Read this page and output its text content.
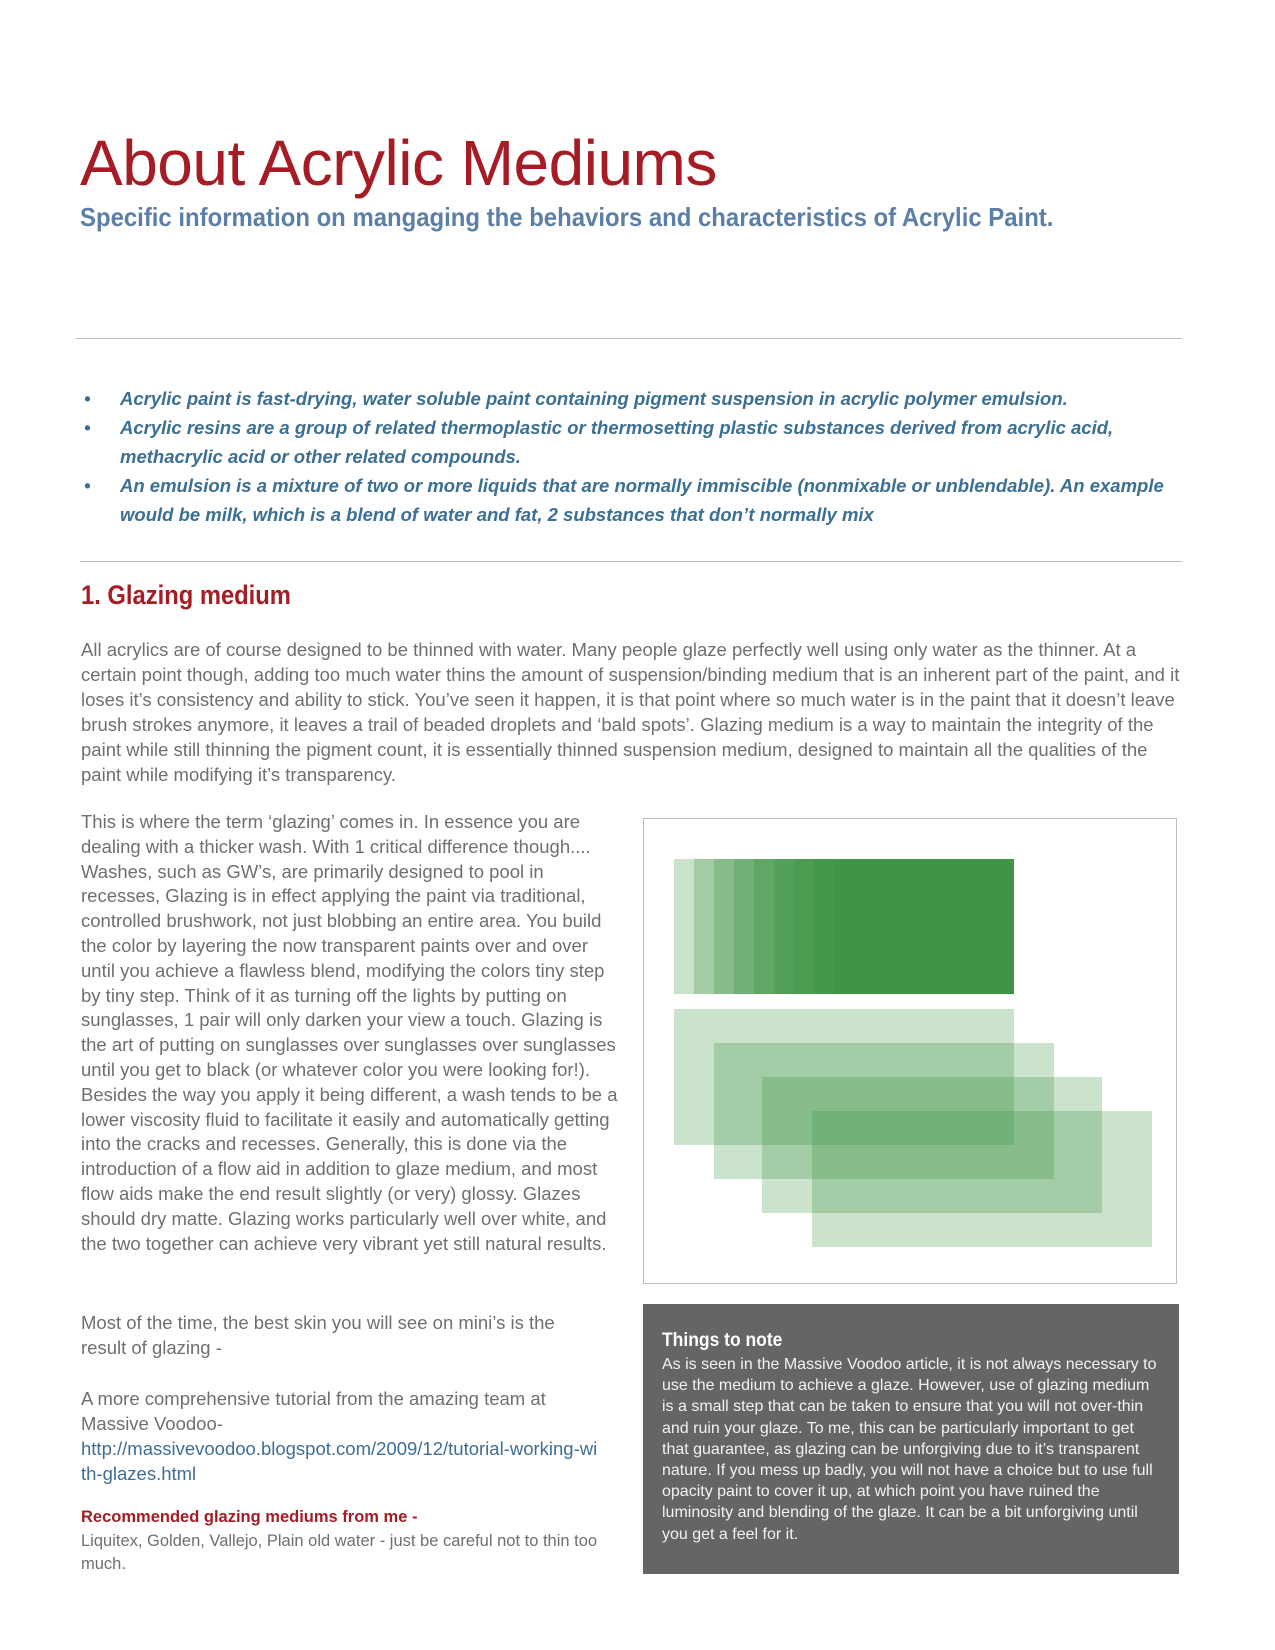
About Acrylic Mediums
Specific information on mangaging the behaviors and characteristics of Acrylic Paint.
• Acrylic paint is fast-drying, water soluble paint containing pigment suspension in acrylic polymer emulsion.
• Acrylic resins are a group of related thermoplastic or thermosetting plastic substances derived from acrylic acid, methacrylic acid or other related compounds.
• An emulsion is a mixture of two or more liquids that are normally immiscible (nonmixable or unblendable). An example would be milk, which is a blend of water and fat, 2 substances that don’t normally mix
1. Glazing medium

All acrylics are of course designed to be thinned with water. Many people glaze perfectly well using only water as the thinner. At a certain point though, adding too much water thins the amount of suspension/binding medium that is an inherent part of the paint, and it loses it’s consistency and ability to stick. You’ve seen it happen, it is that point where so much water is in the paint that it doesn’t leave brush strokes anymore, it leaves a trail of beaded droplets and ‘bald spots’. Glazing medium is a way to maintain the integrity of the paint while still thinning the pigment count, it is essentially thinned suspension medium, designed to maintain all the qualities of the paint while modifying it’s transparency.

This is where the term ‘glazing’ comes in. In essence you are dealing with a thicker wash. With 1 critical difference though.... Washes, such as GW’s, are primarily designed to pool in recesses, Glazing is in effect applying the paint via traditional, controlled brushwork, not just blobbing an entire area. You build the color by layering the now transparent paints over and over until you achieve a flawless blend, modifying the colors tiny step by tiny step. Think of it as turning off the lights by putting on sunglasses, 1 pair will only darken your view a touch. Glazing is the art of putting on sunglasses over sunglasses over sunglasses until you get to black (or whatever color you were looking for!). Besides the way you apply it being different, a wash tends to be a lower viscosity fluid to facilitate it easily and automatically getting into the cracks and recesses. Generally, this is done via the introduction of a flow aid in addition to glaze medium, and most flow aids make the end result slightly (or very) glossy. Glazes should dry matte. Glazing works particularly well over white, and the two together can achieve very vibrant yet still natural results.

Most of the time, the best skin you will see on mini’s is the result of glazing -

A more comprehensive tutorial from the amazing team at Massive Voodoo-
http://massivevoodoo.blogspot.com/2009/12/tutorial-working-with-glazes.html

Recommended glazing mediums from me -

Liquitex, Golden, Vallejo, Plain old water - just be careful not to thin too much.

Things to note

As is seen in the Massive Voodoo article, it is not always necessary to use the medium to achieve a glaze. However, use of glazing medium is a small step that can be taken to ensure that you will not over-thin and ruin your glaze. To me, this can be particularly important to get that guarantee, as glazing can be unforgiving due to it’s transparent nature. If you mess up badly, you will not have a choice but to use full opacity paint to cover it up, at which point you have ruined the luminosity and blending of the glaze. It can be a bit unforgiving until you get a feel for it.
